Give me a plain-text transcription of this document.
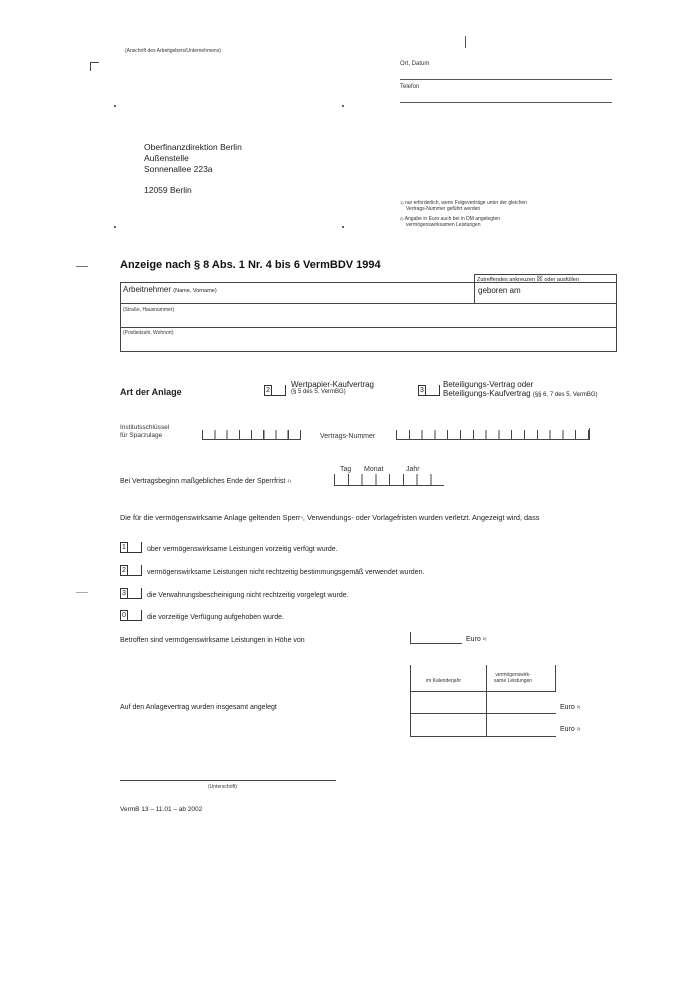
(Anschrift des Arbeitgebers/Unternehmens)
Ort, Datum
Telefon
Oberfinanzdirektion Berlin
Außenstelle
Sonnenallee 223a
12059 Berlin
$^{1)}$ nur erforderlich, wenn Folgeverträge unter der gleichen
Vertrags-Nummer geführt werden
$^{2)}$ Angabe in Euro auch bei in DM angelegten
vermögenswirksamen Leistungen
Anzeige nach § 8 Abs. 1 Nr. 4 bis 6 VermBDV 1994
Zutreffendes ankreuzen ☒ oder ausfüllen
Arbeitnehmer (Name, Vorname)	geboren am
(Straße, Hausnummer)
(Postleitzahl, Wohnort)
Art der Anlage	2
Wertpapier-Kaufvertrag
(§ 5 des 5. VermBG)	3
Beteiligungs-Vertrag oder
Beteiligungs-Kaufvertrag (§§ 6, 7 des 5. VermBG)
Institutsschlüssel
für Sparzulage	Vertrags-Nummer
Tag Monat	Jahr
Bei Vertragsbeginn maßgebliches Ende der Sperrfrist $^{1)}$
Die für die vermögenswirksame Anlage geltenden Sperr-, Verwendungs- oder Vorlagefristen wurden verletzt. Angezeigt wird, dass
1	über vermögenswirksame Leistungen vorzeitig verfügt wurde.
2	vermögenswirksame Leistungen nicht rechtzeitig bestimmungsgemäß verwendet wurden.
3	die Verwahrungsbescheinigung nicht rechtzeitig vorgelegt wurde.
0	die vorzeitige Verfügung aufgehoben wurde.
Betroffen sind vermögenswirksame Leistungen in Höhe von	Euro $^{2)}$
im Kalenderjahr
vermögenswirk-
same Leistungen
Auf den Anlagevertrag wurden insgesamt angelegt	Euro $^{2)}$
Euro $^{2)}$
(Unterschrift)
VermB 13 – 11.01 – ab 2002
